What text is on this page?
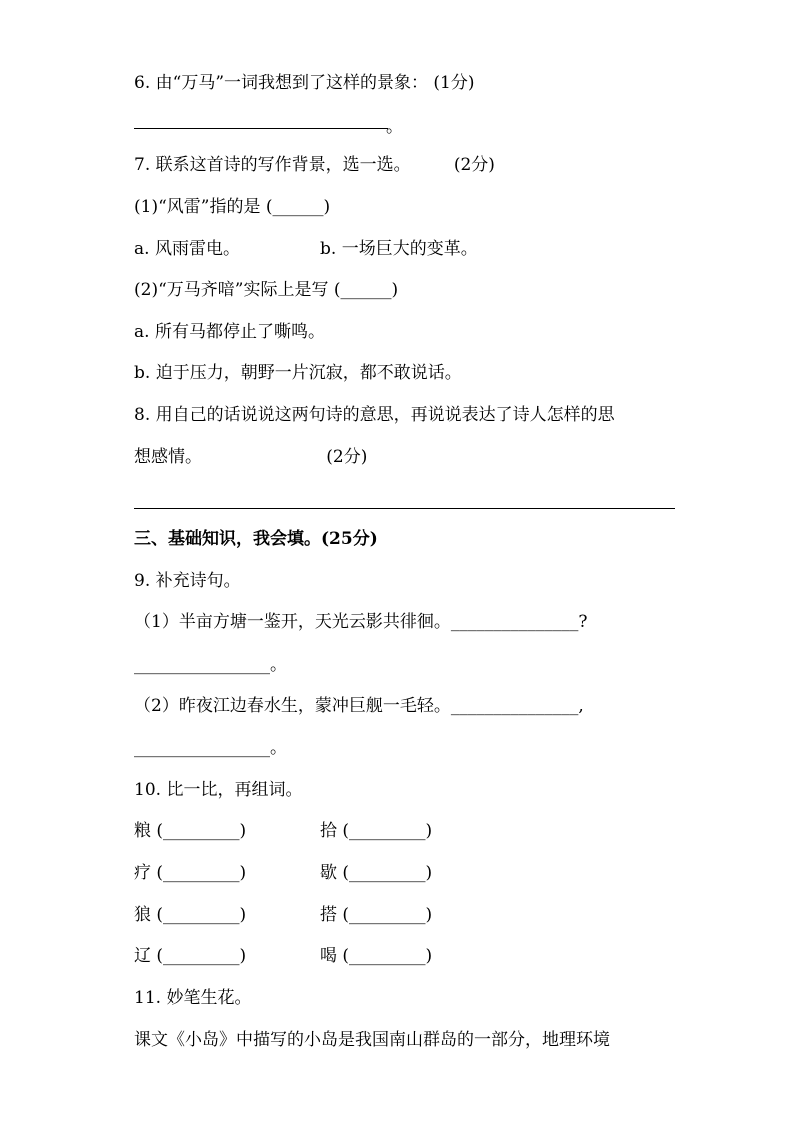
6. 由“万马”一词我想到了这样的景象： (1分)

。

7. 联系这首诗的写作背景，选一选。        (2分)

(1)“风雷”指的是 (______)

a. 风雨雷电。	b. 一场巨大的变革。

(2)“万马齐喑”实际上是写 (______)

a. 所有马都停止了嘶鸣。

b. 迫于压力，朝野一片沉寂，都不敢说话。

8. 用自己的话说说这两句诗的意思，再说说表达了诗人怎样的思

想感情。                       (2分)

三、基础知识，我会填。(25分)

9. 补充诗句。

（1）半亩方塘一鉴开，天光云影共徘徊。_______________?

________________。

（2）昨夜江边春水生，蒙冲巨舰一毛轻。_______________,

________________。

10. 比一比，再组词。

粮 (_________)	拾 (_________)

疗 (_________)	歇 (_________)

狼 (_________)	搭 (_________)

辽 (_________)	喝 (_________)

11. 妙笔生花。

课文《小岛》中描写的小岛是我国南山群岛的一部分，地理环境
